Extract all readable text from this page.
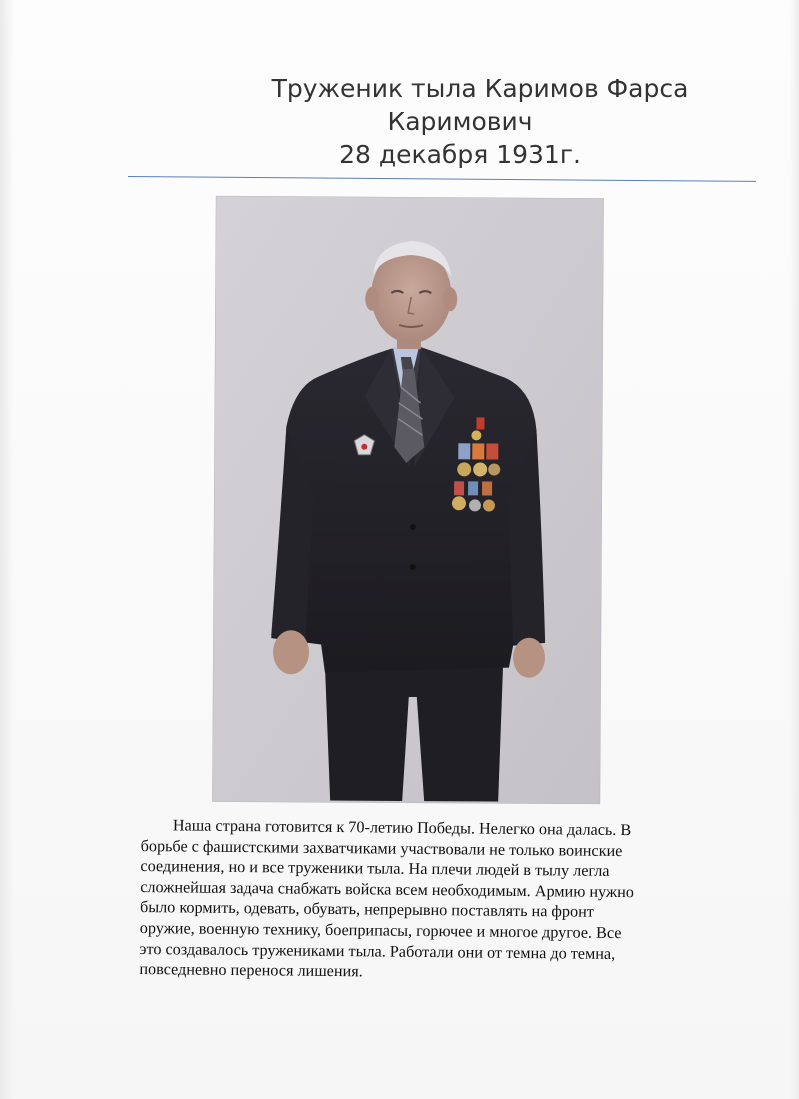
Труженик тыла Каримов Фарса
Каримович
28 декабря 1931г.
Наша страна готовится к 70-летию Победы. Нелегко она далась. В
борьбе с фашистскими захватчиками участвовали не только воинские
соединения, но и все труженики тыла. На плечи людей в тылу легла
сложнейшая задача снабжать войска всем необходимым. Армию нужно
было кормить, одевать, обувать, непрерывно поставлять на фронт
оружие, военную технику, боеприпасы, горючее и многое другое. Все
это создавалось тружениками тыла. Работали они от темна до темна,
повседневно перенося лишения.
